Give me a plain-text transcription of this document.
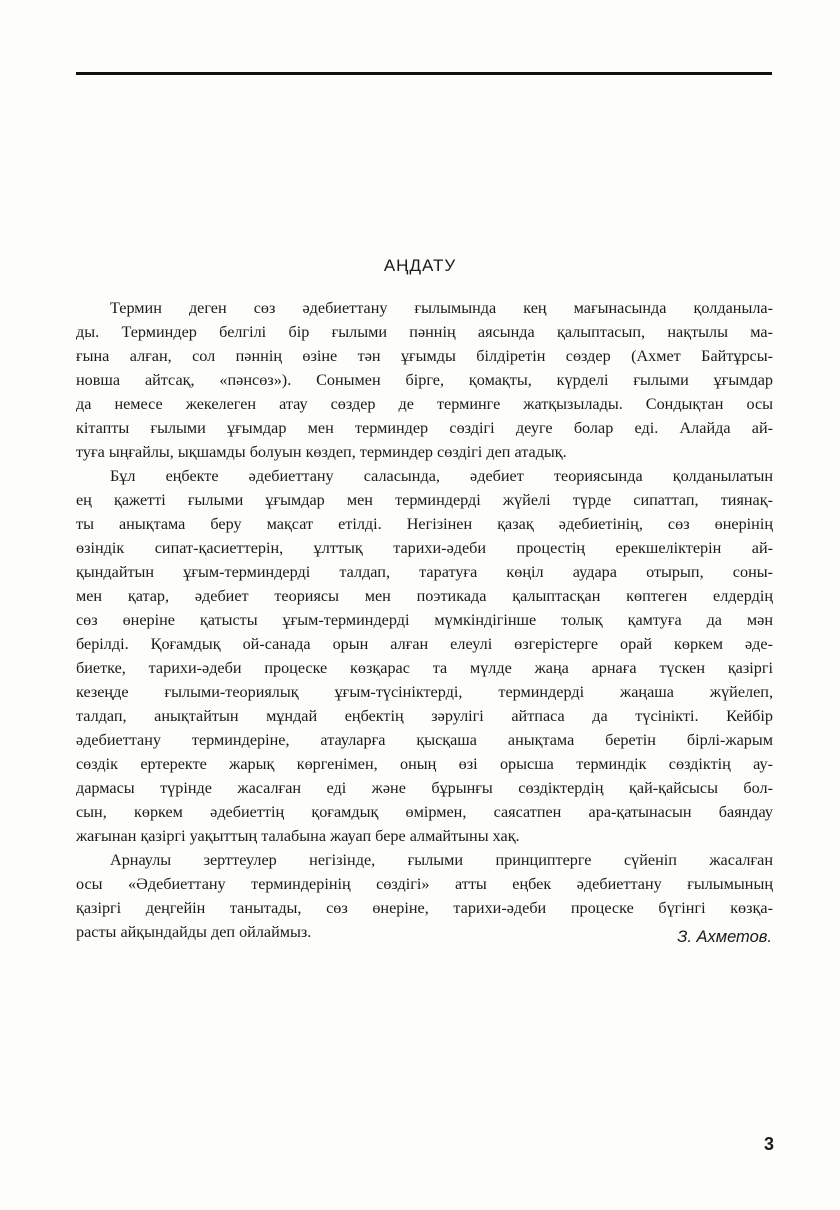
АҢДАТУ
Термин деген сөз әдебиеттану ғылымында кең мағынасында қолданыла-
ды. Терминдер белгілі бір ғылыми пәннің аясында қалыптасып, нақтылы ма-
ғына алған, сол пәннің өзіне тән ұғымды білдіретін сөздер (Ахмет Байтұрсы-
новша айтсақ, «пәнсөз»). Сонымен бірге, қомақты, күрделі ғылыми ұғымдар
да немесе жекелеген атау сөздер де терминге жатқызылады. Сондықтан осы
кітапты ғылыми ұғымдар мен терминдер сөздігі деуге болар еді. Алайда ай-
туға ыңғайлы, ықшамды болуын көздеп, терминдер сөздігі деп атадық.
Бұл еңбекте әдебиеттану саласында, әдебиет теориясында қолданылатын
ең қажетті ғылыми ұғымдар мен терминдерді жүйелі түрде сипаттап, тиянақ-
ты анықтама беру мақсат етілді. Негізінен қазақ әдебиетінің, сөз өнерінің
өзіндік сипат-қасиеттерін, ұлттық тарихи-әдеби процестің ерекшеліктерін ай-
қындайтын ұғым-терминдерді талдап, таратуға көңіл аудара отырып, соны-
мен қатар, әдебиет теориясы мен поэтикада қалыптасқан көптеген елдердің
сөз өнеріне қатысты ұғым-терминдерді мүмкіндігінше толық қамтуға да мән
берілді. Қоғамдық ой-санада орын алған елеулі өзгерістерге орай көркем әде-
биетке, тарихи-әдеби процеске көзқарас та мүлде жаңа арнаға түскен қазіргі
кезеңде ғылыми-теориялық ұғым-түсініктерді, терминдерді жаңаша жүйелеп,
талдап, анықтайтын мұндай еңбектің зәрулігі айтпаса да түсінікті. Кейбір
әдебиеттану терминдеріне, атауларға қысқаша анықтама беретін бірлі-жарым
сөздік ертеректе жарық көргенімен, оның өзі орысша терминдік сөздіктің ау-
дармасы түрінде жасалған еді және бұрынғы сөздіктердің қай-қайсысы бол-
сын, көркем әдебиеттің қоғамдық өмірмен, саясатпен ара-қатынасын баяндау
жағынан қазіргі уақыттың талабына жауап бере алмайтыны хақ.
Арнаулы зерттеулер негізінде, ғылыми принциптерге сүйеніп жасалған
осы «Әдебиеттану терминдерінің сөздігі» атты еңбек әдебиеттану ғылымының
қазіргі деңгейін танытады, сөз өнеріне, тарихи-әдеби процеске бүгінгі көзқа-
расты айқындайды деп ойлаймыз.	З. Ахметов.
3
